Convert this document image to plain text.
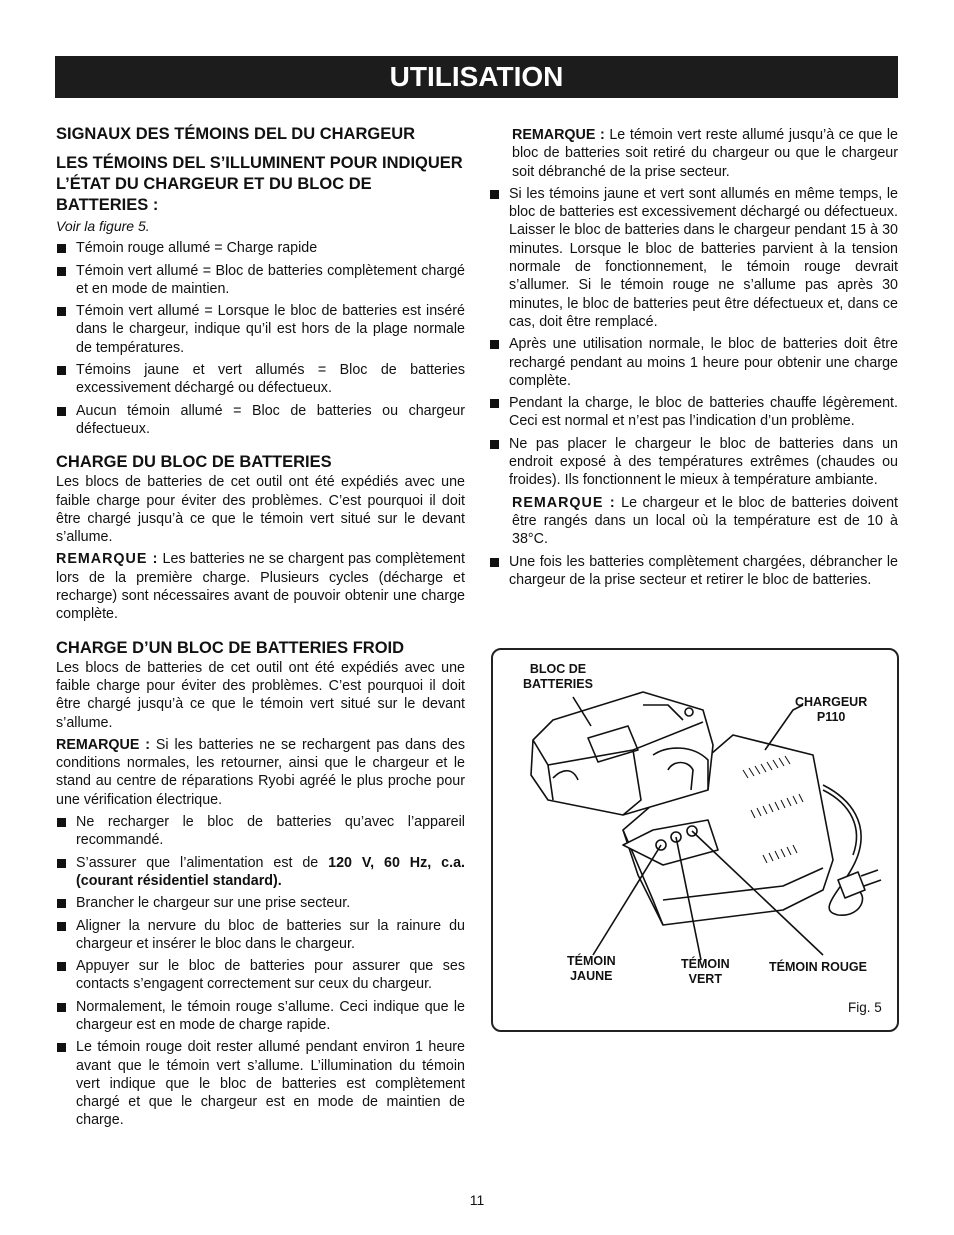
UTILISATION
SIGNAUX DES TÉMOINS DEL DU CHARGEUR
LES TÉMOINS DEL S’ILLUMINENT POUR INDIQUER L’ÉTAT DU CHARGEUR ET DU BLOC DE BATTERIES :
Voir la figure 5.
Témoin rouge allumé = Charge rapide
Témoin vert allumé = Bloc de batteries complètement chargé et en mode de maintien.
Témoin vert allumé = Lorsque le bloc de batteries est inséré dans le chargeur, indique qu’il est hors de la plage normale de températures.
Témoins jaune et vert allumés = Bloc de batteries excessivement déchargé ou défectueux.
Aucun témoin allumé = Bloc de batteries ou chargeur défectueux.
CHARGE DU BLOC DE BATTERIES

Les blocs de batteries de cet outil ont été expédiés avec une faible charge pour éviter des problèmes. C’est pourquoi il doit être chargé jusqu’à ce que le témoin vert situé sur le devant s’allume.

REMARQUE : Les batteries ne se chargent pas complètement lors de la première charge. Plusieurs cycles (décharge et recharge) sont nécessaires avant de pouvoir obtenir une charge complète.

CHARGE D’UN BLOC DE BATTERIES FROID

Les blocs de batteries de cet outil ont été expédiés avec une faible charge pour éviter des problèmes. C’est pourquoi il doit être chargé jusqu’à ce que le témoin vert situé sur le devant s’allume.

REMARQUE : Si les batteries ne se rechargent pas dans des conditions normales, les retourner, ainsi que le chargeur et le stand au centre de réparations Ryobi agréé le plus proche pour une vérification électrique.

Ne recharger le bloc de batteries qu’avec l’appareil recommandé.
S’assurer que l’alimentation est de 120 V, 60 Hz, c.a. (courant résidentiel standard).
Brancher le chargeur sur une prise secteur.
Aligner la nervure du bloc de batteries sur la rainure du chargeur et insérer le bloc dans le chargeur.
Appuyer sur le bloc de batteries pour assurer que ses contacts s’engagent correctement sur ceux du chargeur.
Normalement, le témoin rouge s’allume. Ceci indique que le chargeur est en mode de charge rapide.
Le témoin rouge doit rester allumé pendant environ 1 heure avant que le témoin vert s’allume. L’illumination du témoin vert indique que le bloc de batteries est complètement chargé et que le chargeur est en mode de maintien de charge.

REMARQUE : Le témoin vert reste allumé jusqu’à ce que le bloc de batteries soit retiré du chargeur ou que le chargeur soit débranché de la prise secteur.

Si les témoins jaune et vert sont allumés en même temps, le bloc de batteries est excessivement déchargé ou défectueux. Laisser le bloc de batteries dans le chargeur pendant 15 à 30 minutes. Lorsque le bloc de batteries parvient à la tension normale de fonctionnement, le témoin rouge devrait s’allumer. Si le témoin rouge ne s’allume pas après 30 minutes, le bloc de batteries peut être défectueux et, dans ce cas, doit être remplacé.
Après une utilisation normale, le bloc de batteries doit être rechargé pendant au moins 1 heure pour obtenir une charge complète.
Pendant la charge, le bloc de batteries chauffe légèrement. Ceci est normal et n’est pas l’indication d’un problème.
Ne pas placer le chargeur le bloc de batteries dans un endroit exposé à des températures extrêmes (chaudes ou froides). Ils fonctionnent le mieux à température ambiante.

REMARQUE : Le chargeur et le bloc de batteries doivent être rangés dans un local où la température est de 10 à 38°C.

Une fois les batteries complètement chargées, débrancher le chargeur de la prise secteur et retirer le bloc de batteries.
BLOC DE
BATTERIES
CHARGEUR
P110
TÉMOIN
JAUNE
TÉMOIN
VERT
TÉMOIN ROUGE
Fig. 5
11
